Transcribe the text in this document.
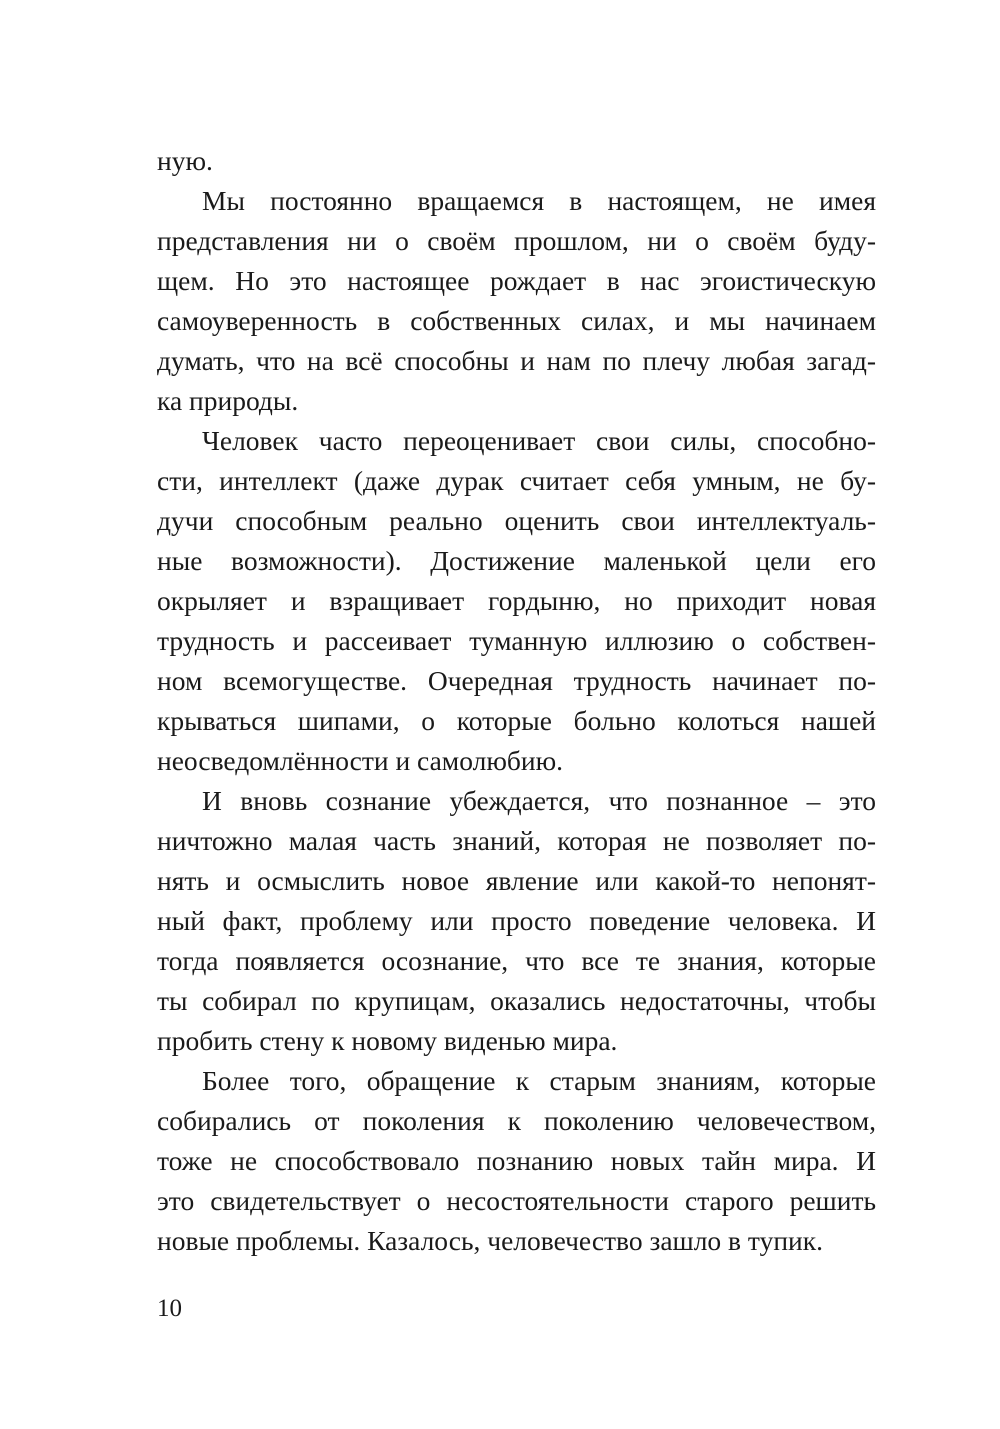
ную.
Мы постоянно вращаемся в настоящем, не имея
представления ни о своём прошлом, ни о своём буду-
щем. Но это настоящее рождает в нас эгоистическую
самоуверенность в собственных силах, и мы начинаем
думать, что на всё способны и нам по плечу любая загад-
ка природы.
Человек часто переоценивает свои силы, способно-
сти, интеллект (даже дурак считает себя умным, не бу-
дучи способным реально оценить свои интеллектуаль-
ные возможности). Достижение маленькой цели его
окрыляет и взращивает гордыню, но приходит новая
трудность и рассеивает туманную иллюзию о собствен-
ном всемогуществе. Очередная трудность начинает по-
крываться шипами, о которые больно колоться нашей
неосведомлённости и самолюбию.
И вновь сознание убеждается, что познанное – это
ничтожно малая часть знаний, которая не позволяет по-
нять и осмыслить новое явление или какой-то непонят-
ный факт, проблему или просто поведение человека. И
тогда появляется осознание, что все те знания, которые
ты собирал по крупицам, оказались недостаточны, чтобы
пробить стену к новому виденью мира.
Более того, обращение к старым знаниям, которые
собирались от поколения к поколению человечеством,
тоже не способствовало познанию новых тайн мира. И
это свидетельствует о несостоятельности старого решить
новые проблемы. Казалось, человечество зашло в тупик.
10
